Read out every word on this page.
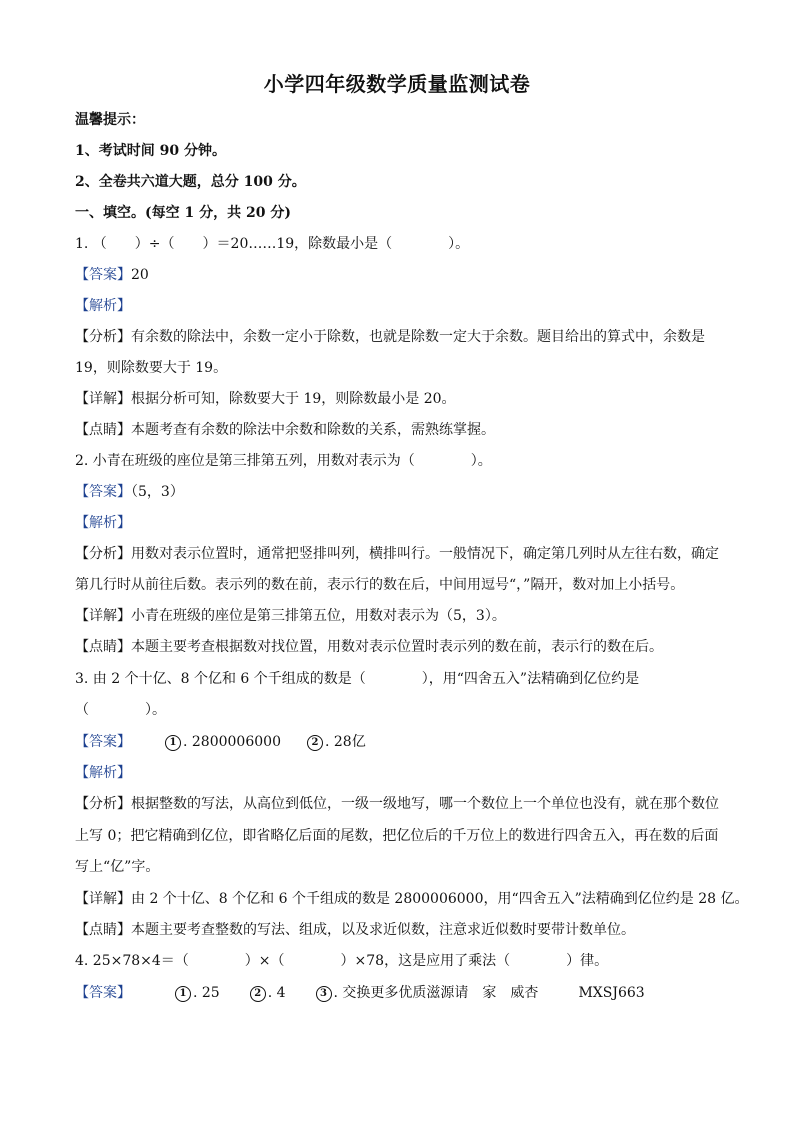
小学四年级数学质量监测试卷
温馨提示：
1、考试时间 90 分钟。
2、全卷共六道大题，总分 100 分。
一、填空。(每空 1 分，共 20 分)
1. （　　）÷（　　）＝20……19，除数最小是（　　　　）。
【答案】20
【解析】
【分析】有余数的除法中，余数一定小于除数，也就是除数一定大于余数。题目给出的算式中，余数是
19，则除数要大于 19。
【详解】根据分析可知，除数要大于 19，则除数最小是 20。
【点睛】本题考查有余数的除法中余数和除数的关系，需熟练掌握。
2. 小青在班级的座位是第三排第五列，用数对表示为（　　　　）。
【答案】（5，3）
【解析】
【分析】用数对表示位置时，通常把竖排叫列，横排叫行。一般情况下，确定第几列时从左往右数，确定
第几行时从前往后数。表示列的数在前，表示行的数在后，中间用逗号“，”隔开，数对加上小括号。
【详解】小青在班级的座位是第三排第五位，用数对表示为（5，3）。
【点睛】本题主要考查根据数对找位置，用数对表示位置时表示列的数在前，表示行的数在后。
3. 由 2 个十亿、8 个亿和 6 个千组成的数是（　　　　），用“四舍五入”法精确到亿位约是
（　　　　）。
【答案】	1 . 2800006000	2 . 28亿
【解析】
【分析】根据整数的写法，从高位到低位，一级一级地写，哪一个数位上一个单位也没有，就在那个数位
上写 0；把它精确到亿位，即省略亿后面的尾数，把亿位后的千万位上的数进行四舍五入，再在数的后面
写上“亿”字。
【详解】由 2 个十亿、8 个亿和 6 个千组成的数是 2800006000，用“四舍五入”法精确到亿位约是 28 亿。
【点睛】本题主要考查整数的写法、组成，以及求近似数，注意求近似数时要带计数单位。
4. 25×78×4＝（　　　　）×（　　　　）×78，这是应用了乘法（　　　　）律。
【答案】	1 . 25	2 . 4	3 . 交换更多优质滋源请　家　威杏	MXSJ663
